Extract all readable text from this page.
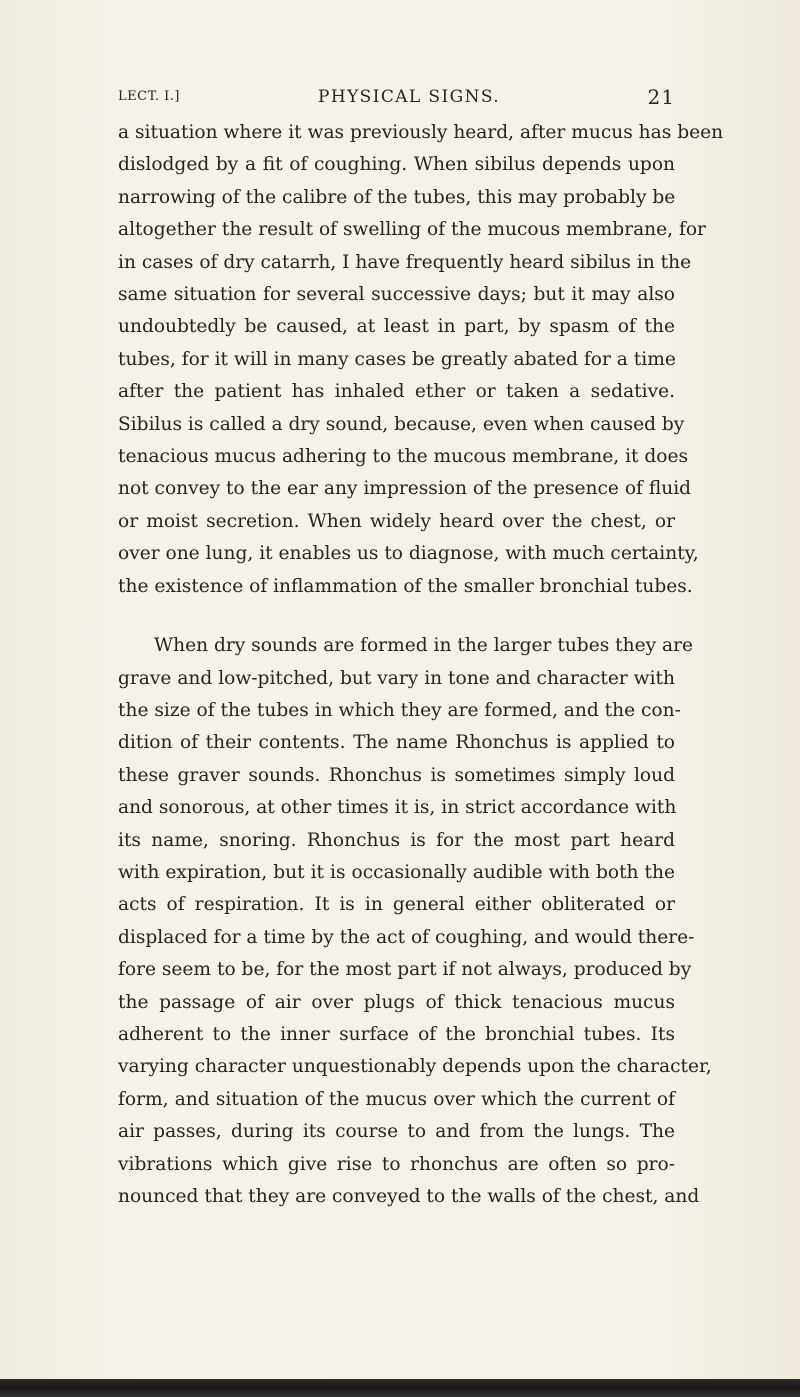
LECT. I.]	PHYSICAL SIGNS.	21

a situation where it was previously heard, after mucus has been
dislodged by a fit of coughing. When sibilus depends upon
narrowing of the calibre of the tubes, this may probably be
altogether the result of swelling of the mucous membrane, for
in cases of dry catarrh, I have frequently heard sibilus in the
same situation for several successive days; but it may also
undoubtedly be caused, at least in part, by spasm of the
tubes, for it will in many cases be greatly abated for a time
after the patient has inhaled ether or taken a sedative.
Sibilus is called a dry sound, because, even when caused by
tenacious mucus adhering to the mucous membrane, it does
not convey to the ear any impression of the presence of fluid
or moist secretion. When widely heard over the chest, or
over one lung, it enables us to diagnose, with much certainty,
the existence of inflammation of the smaller bronchial tubes.

When dry sounds are formed in the larger tubes they are
grave and low-pitched, but vary in tone and character with
the size of the tubes in which they are formed, and the con-
dition of their contents. The name Rhonchus is applied to
these graver sounds. Rhonchus is sometimes simply loud
and sonorous, at other times it is, in strict accordance with
its name, snoring. Rhonchus is for the most part heard
with expiration, but it is occasionally audible with both the
acts of respiration. It is in general either obliterated or
displaced for a time by the act of coughing, and would there-
fore seem to be, for the most part if not always, produced by
the passage of air over plugs of thick tenacious mucus
adherent to the inner surface of the bronchial tubes. Its
varying character unquestionably depends upon the character,
form, and situation of the mucus over which the current of
air passes, during its course to and from the lungs. The
vibrations which give rise to rhonchus are often so pro-
nounced that they are conveyed to the walls of the chest, and
